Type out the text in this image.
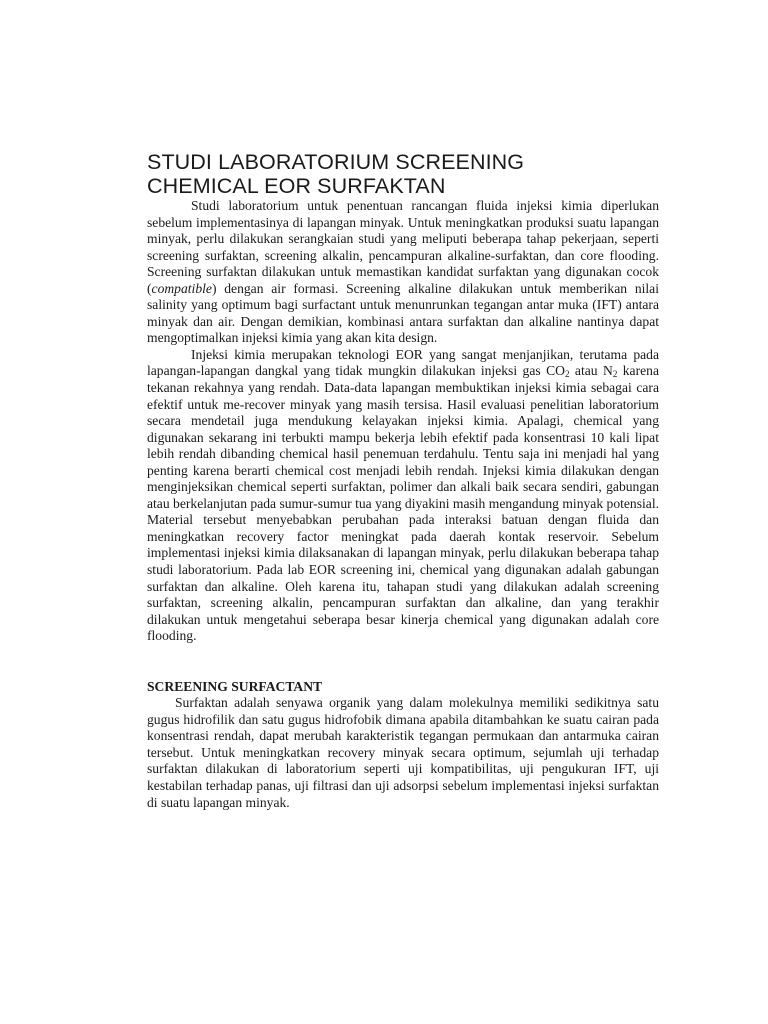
STUDI LABORATORIUM SCREENING
CHEMICAL EOR SURFAKTAN

Studi laboratorium untuk penentuan rancangan fluida injeksi kimia diperlukan sebelum implementasinya di lapangan minyak. Untuk meningkatkan produksi suatu lapangan minyak, perlu dilakukan serangkaian studi yang meliputi beberapa tahap pekerjaan, seperti screening surfaktan, screening alkalin, pencampuran alkaline-surfaktan, dan core flooding. Screening surfaktan dilakukan untuk memastikan kandidat surfaktan yang digunakan cocok (compatible) dengan air formasi. Screening alkaline dilakukan untuk memberikan nilai salinity yang optimum bagi surfactant untuk menunrunkan tegangan antar muka (IFT) antara minyak dan air. Dengan demikian, kombinasi antara surfaktan dan alkaline nantinya dapat mengoptimalkan injeksi kimia yang akan kita design.

Injeksi kimia merupakan teknologi EOR yang sangat menjanjikan, terutama pada lapangan-lapangan dangkal yang tidak mungkin dilakukan injeksi gas $CO_2$ atau $N_2$ karena tekanan rekahnya yang rendah. Data-data lapangan membuktikan injeksi kimia sebagai cara efektif untuk me-recover minyak yang masih tersisa. Hasil evaluasi penelitian laboratorium secara mendetail juga mendukung kelayakan injeksi kimia. Apalagi, chemical yang digunakan sekarang ini terbukti mampu bekerja lebih efektif pada konsentrasi 10 kali lipat lebih rendah dibanding chemical hasil penemuan terdahulu. Tentu saja ini menjadi hal yang penting karena berarti chemical cost menjadi lebih rendah. Injeksi kimia dilakukan dengan menginjeksikan chemical seperti surfaktan, polimer dan alkali baik secara sendiri, gabungan atau berkelanjutan pada sumur-sumur tua yang diyakini masih mengandung minyak potensial. Material tersebut menyebabkan perubahan pada interaksi batuan dengan fluida dan meningkatkan recovery factor meningkat pada daerah kontak reservoir. Sebelum implementasi injeksi kimia dilaksanakan di lapangan minyak, perlu dilakukan beberapa tahap studi laboratorium. Pada lab EOR screening ini, chemical yang digunakan adalah gabungan surfaktan dan alkaline. Oleh karena itu, tahapan studi yang dilakukan adalah screening surfaktan, screening alkalin, pencampuran surfaktan dan alkaline, dan yang terakhir dilakukan untuk mengetahui seberapa besar kinerja chemical yang digunakan adalah core flooding.

SCREENING SURFACTANT

Surfaktan adalah senyawa organik yang dalam molekulnya memiliki sedikitnya satu gugus hidrofilik dan satu gugus hidrofobik dimana apabila ditambahkan ke suatu cairan pada konsentrasi rendah, dapat merubah karakteristik tegangan permukaan dan antarmuka cairan tersebut. Untuk meningkatkan recovery minyak secara optimum, sejumlah uji terhadap surfaktan dilakukan di laboratorium seperti uji kompatibilitas, uji pengukuran IFT, uji kestabilan terhadap panas, uji filtrasi dan uji adsorpsi sebelum implementasi injeksi surfaktan di suatu lapangan minyak.
